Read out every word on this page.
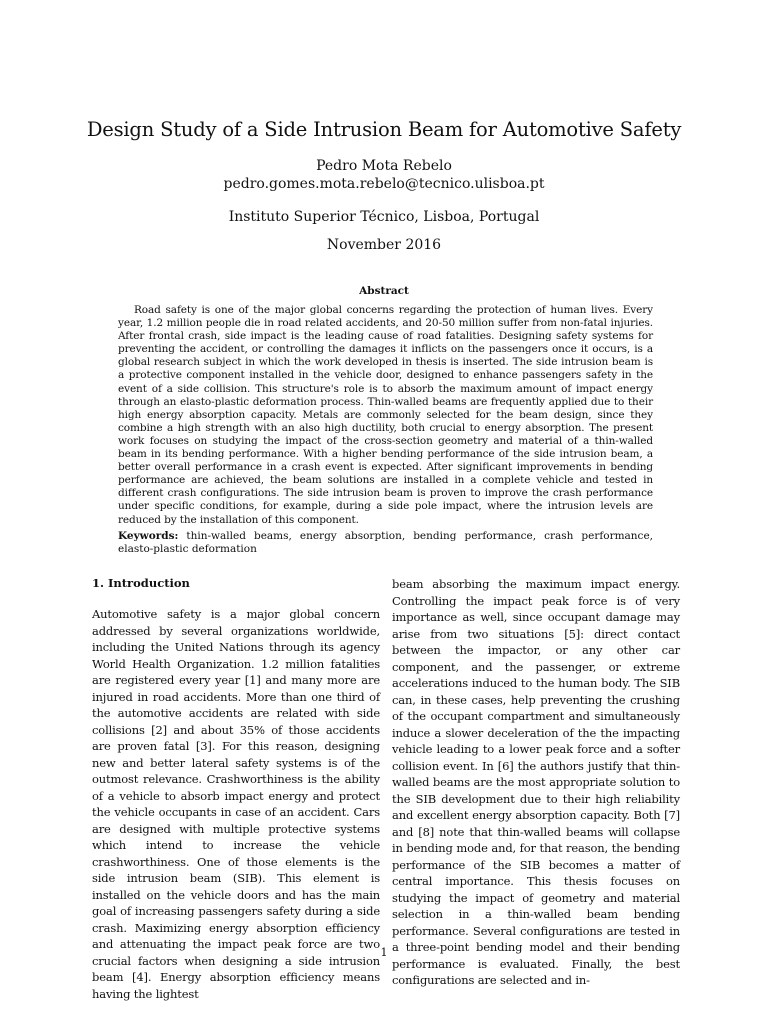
Design Study of a Side Intrusion Beam for Automotive Safety

Pedro Mota Rebelo

pedro.gomes.mota.rebelo@tecnico.ulisboa.pt

Instituto Superior Técnico, Lisboa, Portugal

November 2016

Abstract

Road safety is one of the major global concerns regarding the protection of human lives. Every year, 1.2 million people die in road related accidents, and 20-50 million suffer from non-fatal injuries. After frontal crash, side impact is the leading cause of road fatalities. Designing safety systems for preventing the accident, or controlling the damages it inflicts on the passengers once it occurs, is a global research subject in which the work developed in thesis is inserted. The side intrusion beam is a protective component installed in the vehicle door, designed to enhance passengers safety in the event of a side collision. This structure's role is to absorb the maximum amount of impact energy through an elasto-plastic deformation process. Thin-walled beams are frequently applied due to their high energy absorption capacity. Metals are commonly selected for the beam design, since they combine a high strength with an also high ductility, both crucial to energy absorption. The present work focuses on studying the impact of the cross-section geometry and material of a thin-walled beam in its bending performance. With a higher bending performance of the side intrusion beam, a better overall performance in a crash event is expected. After significant improvements in bending performance are achieved, the beam solutions are installed in a complete vehicle and tested in different crash configurations. The side intrusion beam is proven to improve the crash performance under specific conditions, for example, during a side pole impact, where the intrusion levels are reduced by the installation of this component.

Keywords: thin-walled beams, energy absorption, bending performance, crash performance, elasto-plastic deformation

1. Introduction

Automotive safety is a major global concern addressed by several organizations worldwide, including the United Nations through its agency World Health Organization. 1.2 million fatalities are registered every year [1] and many more are injured in road accidents. More than one third of the automotive accidents are related with side collisions [2] and about 35% of those accidents are proven fatal [3]. For this reason, designing new and better lateral safety systems is of the outmost relevance. Crashworthiness is the ability of a vehicle to absorb impact energy and protect the vehicle occupants in case of an accident. Cars are designed with multiple protective systems which intend to increase the vehicle crashworthiness. One of those elements is the side intrusion beam (SIB). This element is installed on the vehicle doors and has the main goal of increasing passengers safety during a side crash. Maximizing energy absorption efficiency and attenuating the impact peak force are two crucial factors when designing a side intrusion beam [4]. Energy absorption efficiency means having the lightest

beam absorbing the maximum impact energy. Controlling the impact peak force is of very importance as well, since occupant damage may arise from two situations [5]: direct contact between the impactor, or any other car component, and the passenger, or extreme accelerations induced to the human body. The SIB can, in these cases, help preventing the crushing of the occupant compartment and simultaneously induce a slower deceleration of the the impacting vehicle leading to a lower peak force and a softer collision event. In [6] the authors justify that thin-walled beams are the most appropriate solution to the SIB development due to their high reliability and excellent energy absorption capacity. Both [7] and [8] note that thin-walled beams will collapse in bending mode and, for that reason, the bending performance of the SIB becomes a matter of central importance. This thesis focuses on studying the impact of geometry and material selection in a thin-walled beam bending performance. Several configurations are tested in a three-point bending model and their bending performance is evaluated. Finally, the best configurations are selected and in-

1
